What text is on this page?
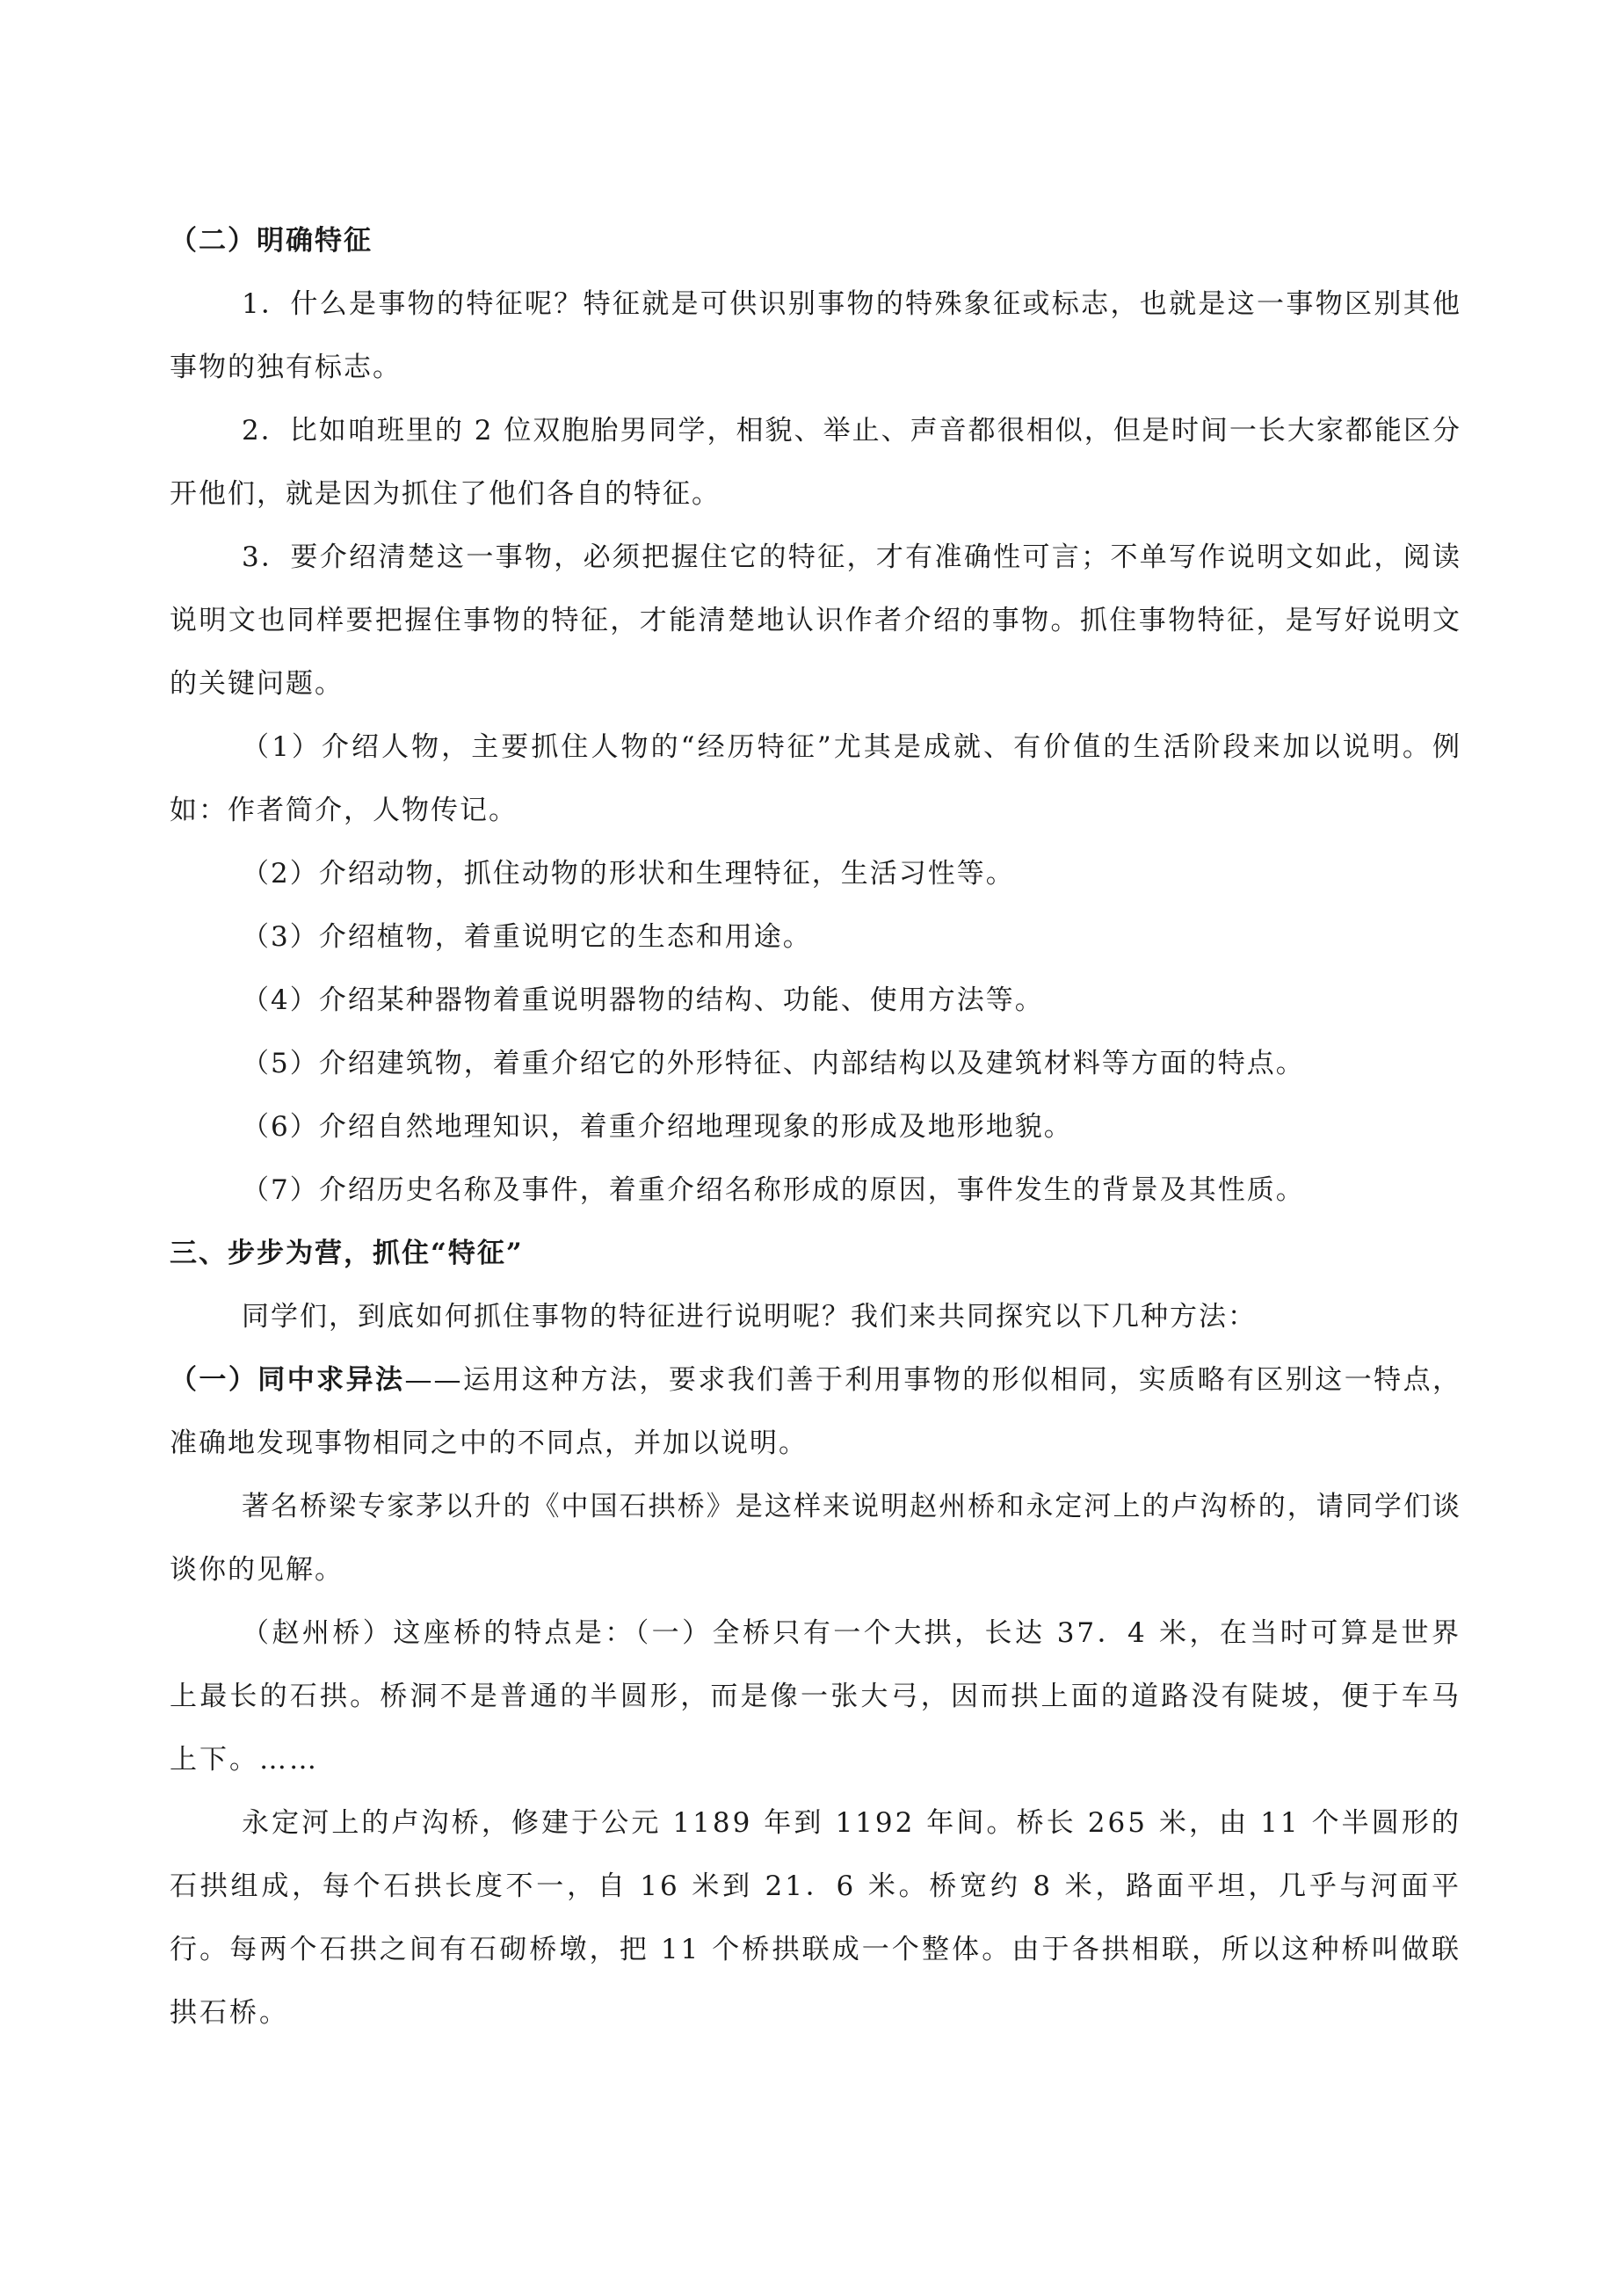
（二）明确特征

1．什么是事物的特征呢？特征就是可供识别事物的特殊象征或标志，也就是这一事物区别其他事物的独有标志。

2．比如咱班里的 2 位双胞胎男同学，相貌、举止、声音都很相似，但是时间一长大家都能区分开他们，就是因为抓住了他们各自的特征。

3．要介绍清楚这一事物，必须把握住它的特征，才有准确性可言；不单写作说明文如此，阅读说明文也同样要把握住事物的特征，才能清楚地认识作者介绍的事物。抓住事物特征，是写好说明文的关键问题。

（1）介绍人物，主要抓住人物的“经历特征”尤其是成就、有价值的生活阶段来加以说明。例如：作者简介，人物传记。

（2）介绍动物，抓住动物的形状和生理特征，生活习性等。

（3）介绍植物，着重说明它的生态和用途。

（4）介绍某种器物着重说明器物的结构、功能、使用方法等。

（5）介绍建筑物，着重介绍它的外形特征、内部结构以及建筑材料等方面的特点。

（6）介绍自然地理知识，着重介绍地理现象的形成及地形地貌。

（7）介绍历史名称及事件，着重介绍名称形成的原因，事件发生的背景及其性质。

三、步步为营，抓住“特征”

同学们，到底如何抓住事物的特征进行说明呢？我们来共同探究以下几种方法：

（一）同中求异法——运用这种方法，要求我们善于利用事物的形似相同，实质略有区别这一特点，准确地发现事物相同之中的不同点，并加以说明。

著名桥梁专家茅以升的《中国石拱桥》是这样来说明赵州桥和永定河上的卢沟桥的，请同学们谈谈你的见解。

（赵州桥）这座桥的特点是：（一）全桥只有一个大拱，长达 37．4 米，在当时可算是世界上最长的石拱。桥洞不是普通的半圆形，而是像一张大弓，因而拱上面的道路没有陡坡，便于车马上下。……

永定河上的卢沟桥，修建于公元 1189 年到 1192 年间。桥长 265 米，由 11 个半圆形的石拱组成，每个石拱长度不一，自 16 米到 21．6 米。桥宽约 8 米，路面平坦，几乎与河面平行。每两个石拱之间有石砌桥墩，把 11 个桥拱联成一个整体。由于各拱相联，所以这种桥叫做联拱石桥。
